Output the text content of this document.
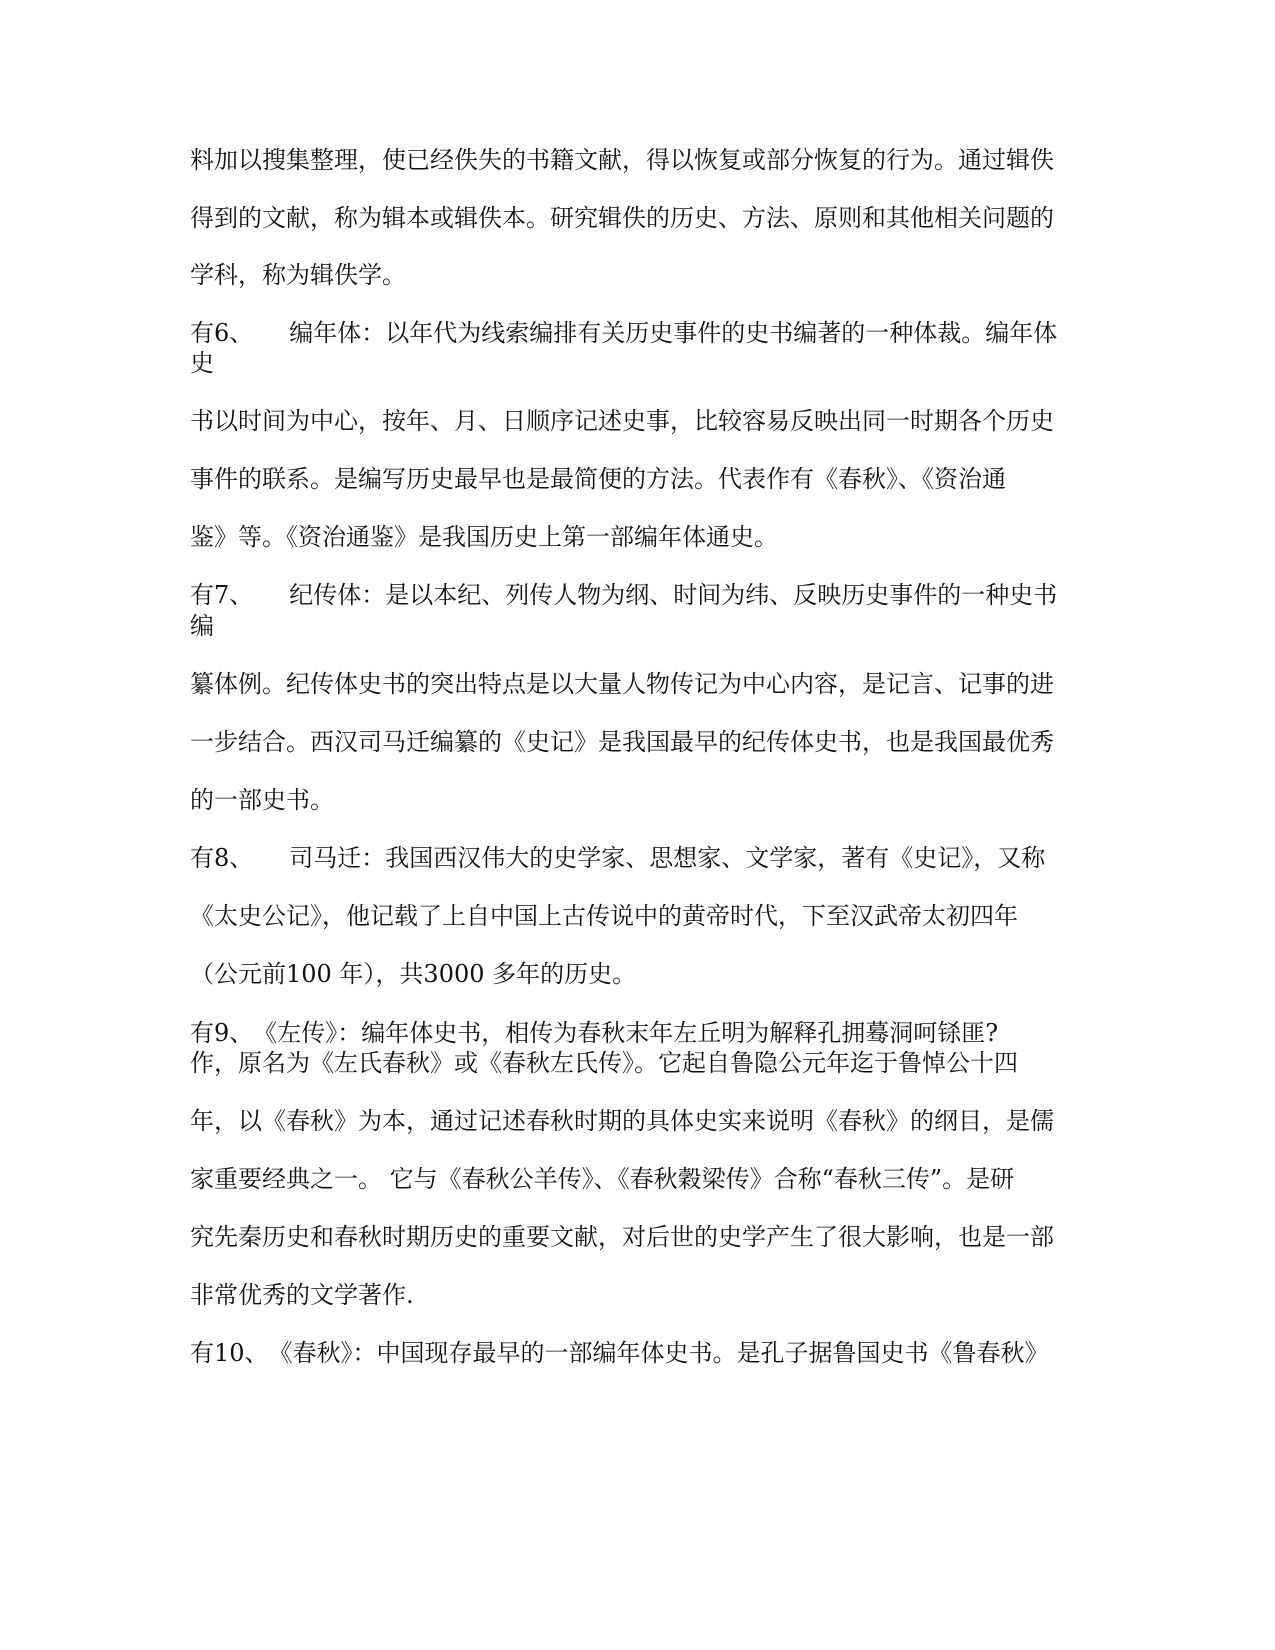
料加以搜集整理，使已经佚失的书籍文献，得以恢复或部分恢复的行为。通过辑佚

得到的文献，称为辑本或辑佚本。研究辑佚的历史、方法、原则和其他相关问题的

学科，称为辑佚学。

有6、　　编年体：以年代为线索编排有关历史事件的史书编著的一种体裁。编年体

史

书以时间为中心，按年、月、日顺序记述史事，比较容易反映出同一时期各个历史

事件的联系。是编写历史最早也是最简便的方法。代表作有《春秋》、《资治通

鉴》等。《资治通鉴》是我国历史上第一部编年体通史。

有7、　　纪传体：是以本纪、列传人物为纲、时间为纬、反映历史事件的一种史书

编

纂体例。纪传体史书的突出特点是以大量人物传记为中心内容，是记言、记事的进

一步结合。西汉司马迁编纂的《史记》是我国最早的纪传体史书，也是我国最优秀

的一部史书。

有8、　　司马迁：我国西汉伟大的史学家、思想家、文学家，著有《史记》，又称

《太史公记》，他记载了上自中国上古传说中的黄帝时代，下至汉武帝太初四年

（公元前100 年），共3000 多年的历史。

有9、　《左传》：编年体史书，相传为春秋末年左丘明为解释孔拥蓦洞呵铩匪?

作，原名为《左氏春秋》或《春秋左氏传》。它起自鲁隐公元年迄于鲁悼公十四

年，以《春秋》为本，通过记述春秋时期的具体史实来说明《春秋》的纲目，是儒

家重要经典之一。 它与《春秋公羊传》、《春秋穀梁传》合称“春秋三传”。是研

究先秦历史和春秋时期历史的重要文献，对后世的史学产生了很大影响，也是一部

非常优秀的文学著作.

有10、　《春秋》：中国现存最早的一部编年体史书。是孔子据鲁国史书《鲁春秋》
